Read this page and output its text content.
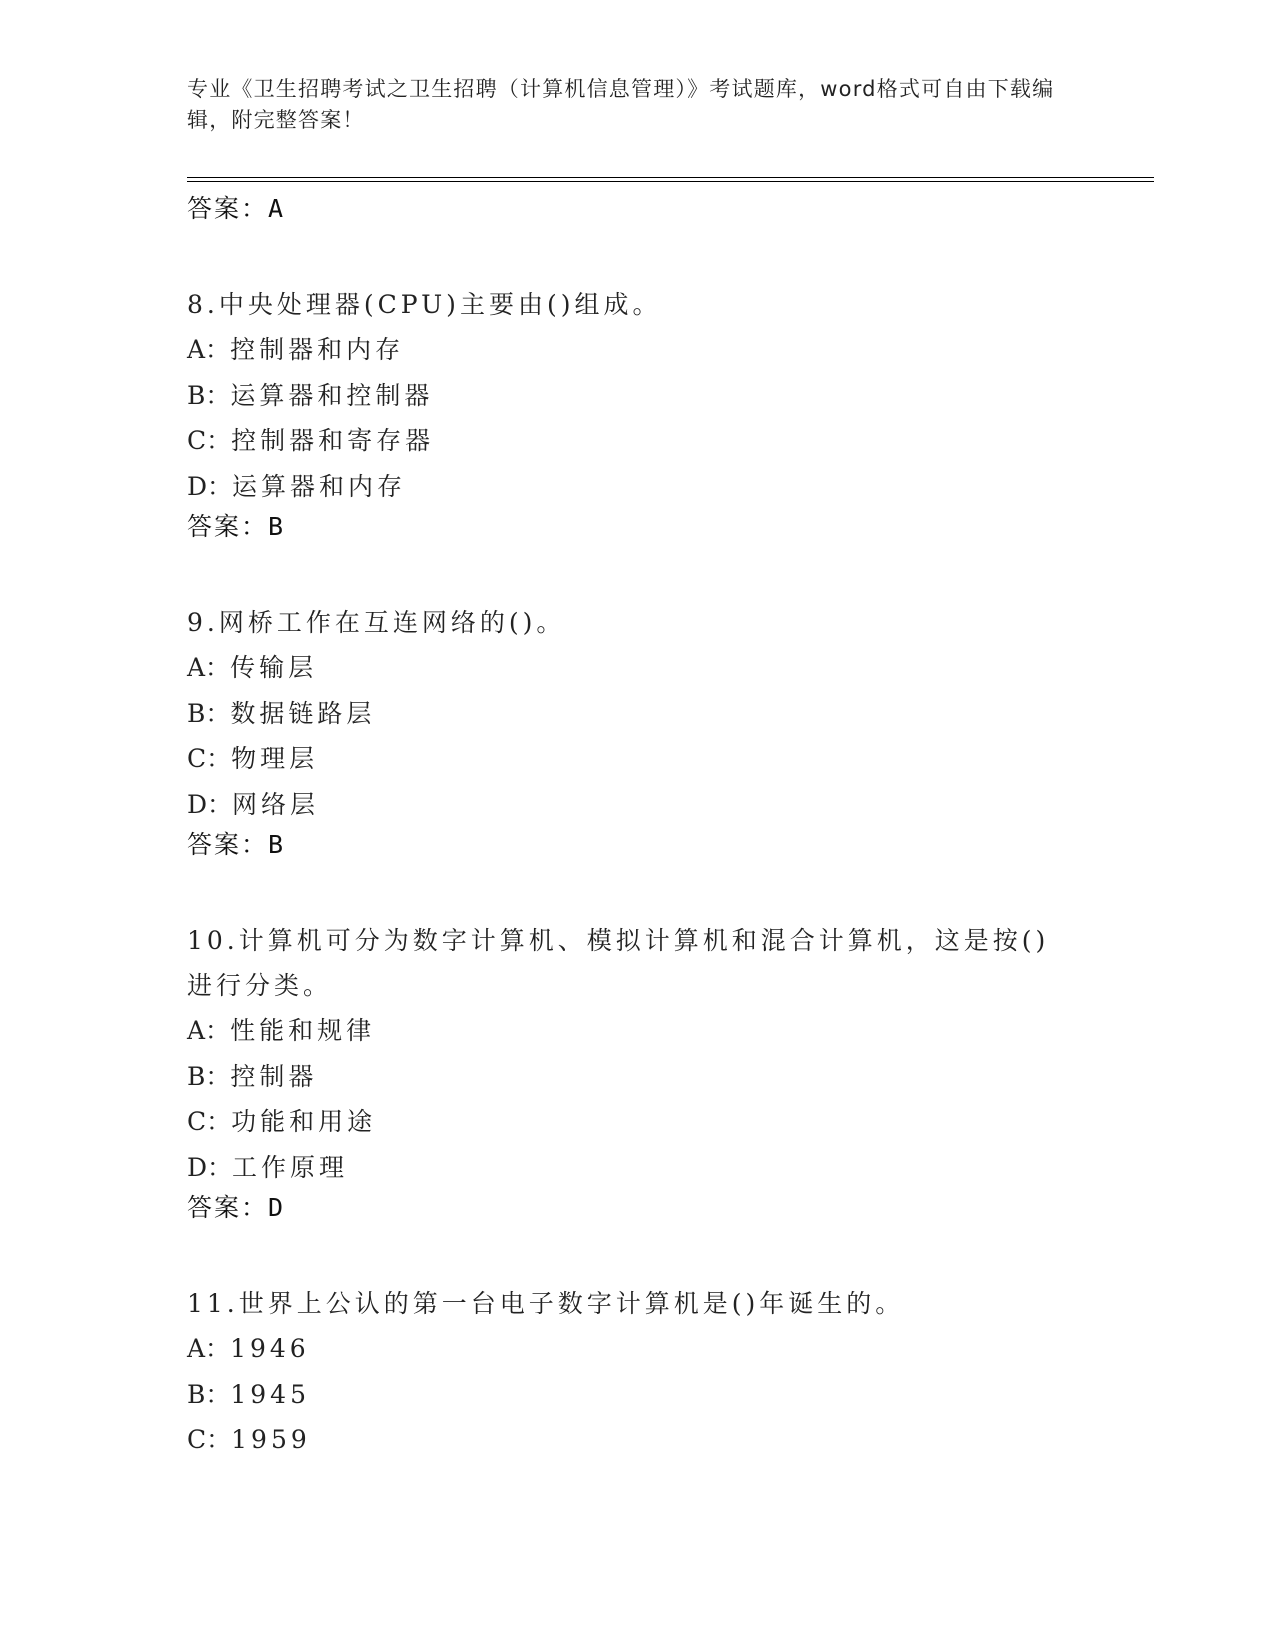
专业《卫生招聘考试之卫生招聘（计算机信息管理）》考试题库，word格式可自由下载编辑，附完整答案！
答案：A
8.中央处理器(CPU)主要由()组成。
A：控制器和内存
B：运算器和控制器
C：控制器和寄存器
D：运算器和内存
答案：B
9.网桥工作在互连网络的()。
A：传输层
B：数据链路层
C：物理层
D：网络层
答案：B
10.计算机可分为数字计算机、模拟计算机和混合计算机，这是按()进行分类。
A：性能和规律
B：控制器
C：功能和用途
D：工作原理
答案：D
11.世界上公认的第一台电子数字计算机是()年诞生的。
A：1946
B：1945
C：1959
